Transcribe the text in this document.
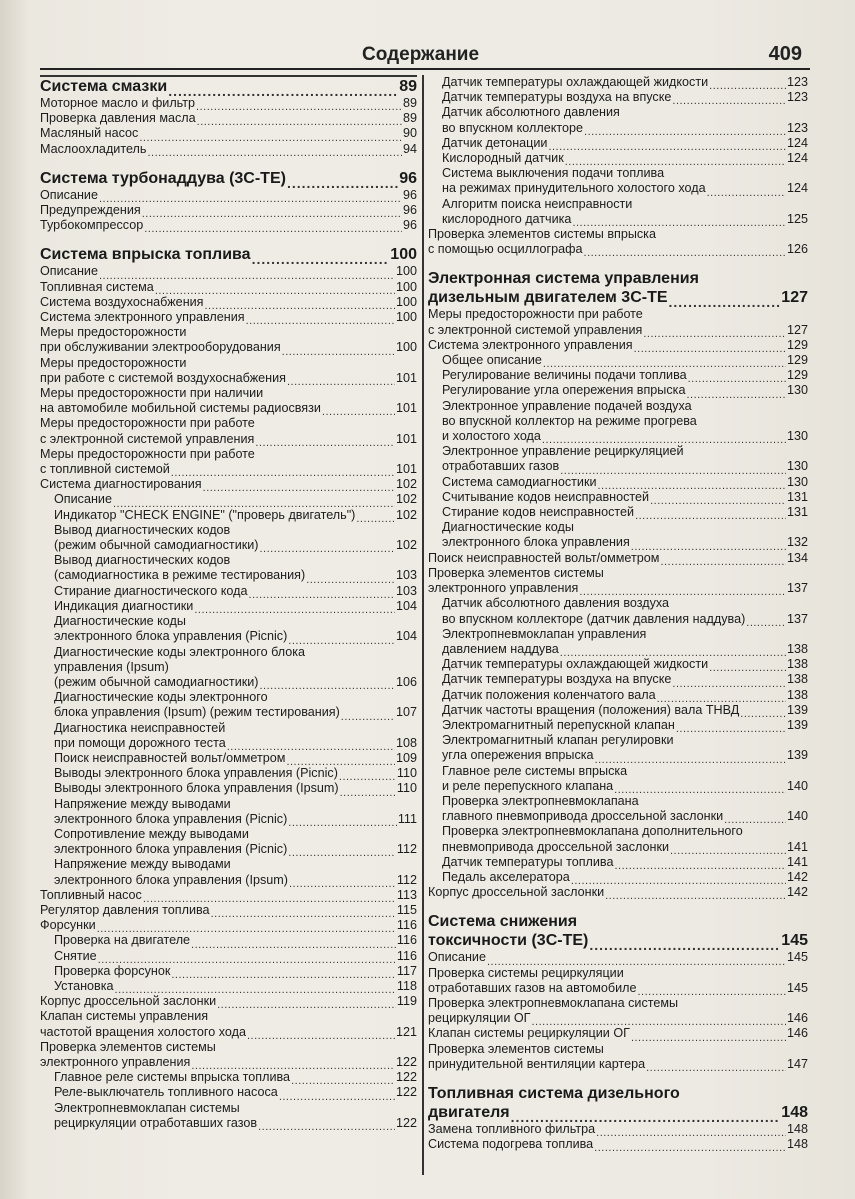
Содержание	409
Система смазки .....	89
Моторное масло и фильтр .....	89
Проверка давления масла .....	89
Масляный насос .....	90
Маслоохладитель .....	94
Система турбонаддува (3C-TE) .....	96
Описание .....	96
Предупреждения .....	96
Турбокомпрессор .....	96
Система впрыска топлива .....	100
Описание .....	100
Топливная система .....	100
Система воздухоснабжения .....	100
Система электронного управления .....	100
Меры предосторожности
при обслуживании электрооборудования .....	100
Меры предосторожности
при работе с системой воздухоснабжения .....	101
Меры предосторожности при наличии
на автомобиле мобильной системы радиосвязи .....	101
Меры предосторожности при работе
с электронной системой управления .....	101
Меры предосторожности при работе
с топливной системой .....	101
Система диагностирования .....	102
Описание .....	102
Индикатор "CHECK ENGINE" ("проверь двигатель") .....	102
Вывод диагностических кодов
(режим обычной самодиагностики) .....	102
Вывод диагностических кодов
(самодиагностика в режиме тестирования) .....	103
Стирание диагностического кода .....	103
Индикация диагностики .....	104
Диагностические коды
электронного блока управления (Picnic) .....	104
Диагностические коды электронного блока
управления (Ipsum)
(режим обычной самодиагностики) .....	106
Диагностические коды электронного
блока управления (Ipsum) (режим тестирования) .....	107
Диагностика неисправностей
при помощи дорожного теста .....	108
Поиск неисправностей вольт/омметром .....	109
Выводы электронного блока управления (Picnic) .....	110
Выводы электронного блока управления (Ipsum) .....	110
Напряжение между выводами
электронного блока управления (Picnic) .....	111
Сопротивление между выводами
электронного блока управления (Picnic) .....	112
Напряжение между выводами
электронного блока управления (Ipsum) .....	112
Топливный насос .....	113
Регулятор давления топлива .....	115
Форсунки .....	116
Проверка на двигателе .....	116
Снятие .....	116
Проверка форсунок .....	117
Установка .....	118
Корпус дроссельной заслонки .....	119
Клапан системы управления
частотой вращения холостого хода .....	121
Проверка элементов системы
электронного управления .....	122
Главное реле системы впрыска топлива .....	122
Реле-выключатель топливного насоса .....	122
Электропневмоклапан системы
рециркуляции отработавших газов .....	122
Датчик температуры охлаждающей жидкости .....	123
Датчик температуры воздуха на впуске .....	123
Датчик абсолютного давления
во впускном коллекторе .....	123
Датчик детонации .....	124
Кислородный датчик .....	124
Система выключения подачи топлива
на режимах принудительного холостого хода .....	124
Алгоритм поиска неисправности
кислородного датчика .....	125
Проверка элементов системы впрыска
с помощью осциллографа .....	126
Электронная система управления
дизельным двигателем 3C-TE .....	127
Меры предосторожности при работе
с электронной системой управления .....	127
Система электронного управления .....	129
Общее описание .....	129
Регулирование величины подачи топлива .....	129
Регулирование угла опережения впрыска .....	130
Электронное управление подачей воздуха
во впускной коллектор на режиме прогрева
и холостого хода .....	130
Электронное управление рециркуляцией
отработавших газов .....	130
Система самодиагностики .....	130
Считывание кодов неисправностей .....	131
Стирание кодов неисправностей .....	131
Диагностические коды
электронного блока управления .....	132
Поиск неисправностей вольт/омметром .....	134
Проверка элементов системы
электронного управления .....	137
Датчик абсолютного давления воздуха
во впускном коллекторе (датчик давления наддува) .....	137
Электропневмоклапан управления
давлением наддува .....	138
Датчик температуры охлаждающей жидкости .....	138
Датчик температуры воздуха на впуске .....	138
Датчик положения коленчатого вала .....	138
Датчик частоты вращения (положения) вала ТНВД .....	139
Электромагнитный перепускной клапан .....	139
Электромагнитный клапан регулировки
угла опережения впрыска .....	139
Главное реле системы впрыска
и реле перепускного клапана .....	140
Проверка электропневмоклапана
главного пневмопривода дроссельной заслонки .....	140
Проверка электропневмоклапана дополнительного
пневмопривода дроссельной заслонки .....	141
Датчик температуры топлива .....	141
Педаль акселератора .....	142
Корпус дроссельной заслонки .....	142
Система снижения
токсичности (3C-TE) .....	145
Описание .....	145
Проверка системы рециркуляции
отработавших газов на автомобиле .....	145
Проверка электропневмоклапана системы
рециркуляции ОГ .....	146
Клапан системы рециркуляции ОГ .....	146
Проверка элементов системы
принудительной вентиляции картера .....	147
Топливная система дизельного
двигателя .....	148
Замена топливного фильтра .....	148
Система подогрева топлива .....	148
